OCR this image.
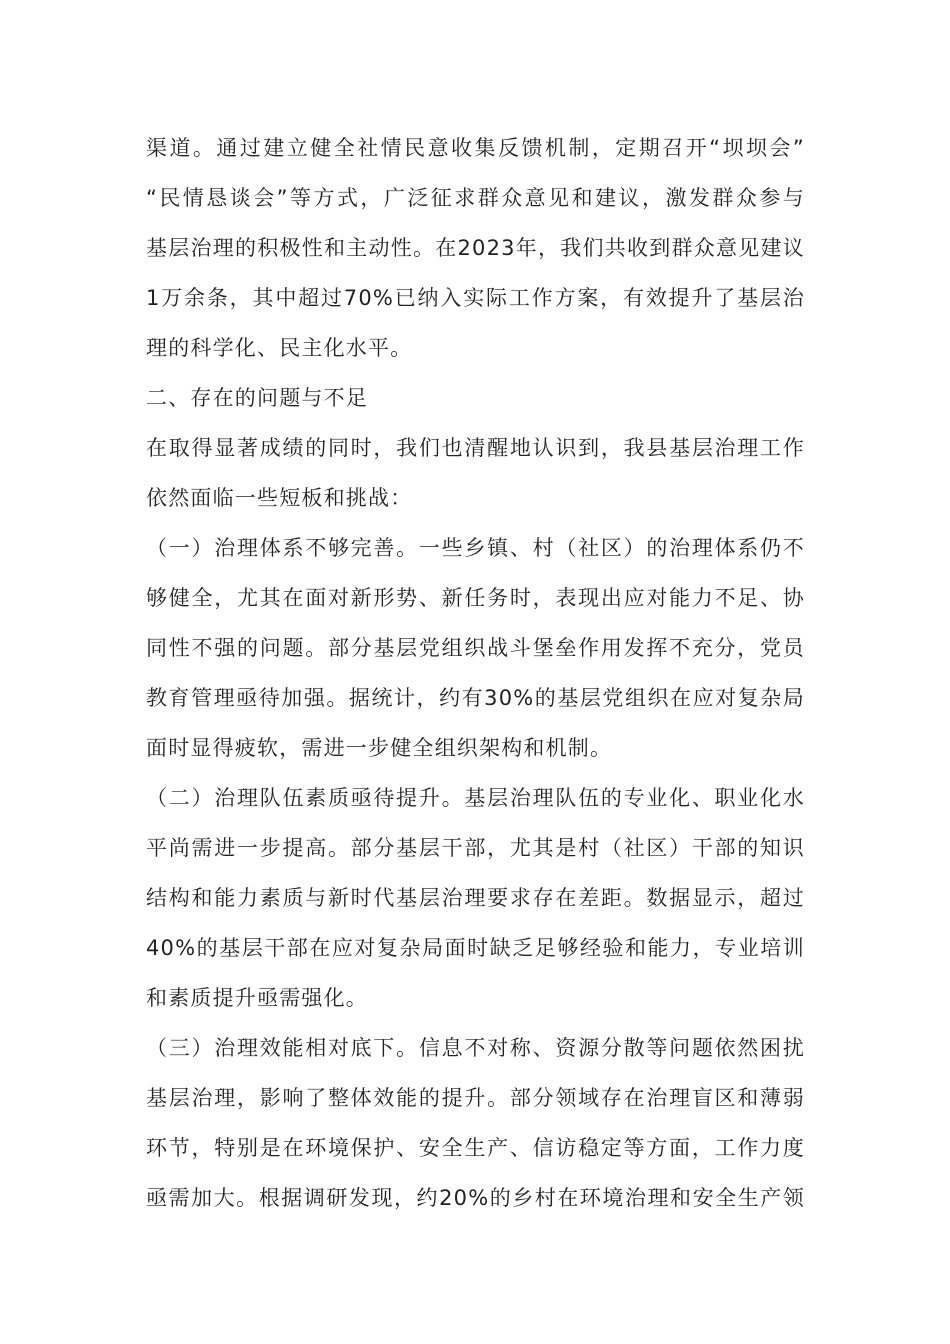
渠道。通过建立健全社情民意收集反馈机制，定期召开“坝坝会”
“民情恳谈会”等方式，广泛征求群众意见和建议，激发群众参与
基层治理的积极性和主动性。在2023年，我们共收到群众意见建议
1万余条，其中超过70%已纳入实际工作方案，有效提升了基层治
理的科学化、民主化水平。
二、存在的问题与不足
在取得显著成绩的同时，我们也清醒地认识到，我县基层治理工作
依然面临一些短板和挑战：
（一）治理体系不够完善。一些乡镇、村（社区）的治理体系仍不
够健全，尤其在面对新形势、新任务时，表现出应对能力不足、协
同性不强的问题。部分基层党组织战斗堡垒作用发挥不充分，党员
教育管理亟待加强。据统计，约有30%的基层党组织在应对复杂局
面时显得疲软，需进一步健全组织架构和机制。
（二）治理队伍素质亟待提升。基层治理队伍的专业化、职业化水
平尚需进一步提高。部分基层干部，尤其是村（社区）干部的知识
结构和能力素质与新时代基层治理要求存在差距。数据显示，超过
40%的基层干部在应对复杂局面时缺乏足够经验和能力，专业培训
和素质提升亟需强化。
（三）治理效能相对底下。信息不对称、资源分散等问题依然困扰
基层治理，影响了整体效能的提升。部分领域存在治理盲区和薄弱
环节，特别是在环境保护、安全生产、信访稳定等方面，工作力度
亟需加大。根据调研发现，约20%的乡村在环境治理和安全生产领
